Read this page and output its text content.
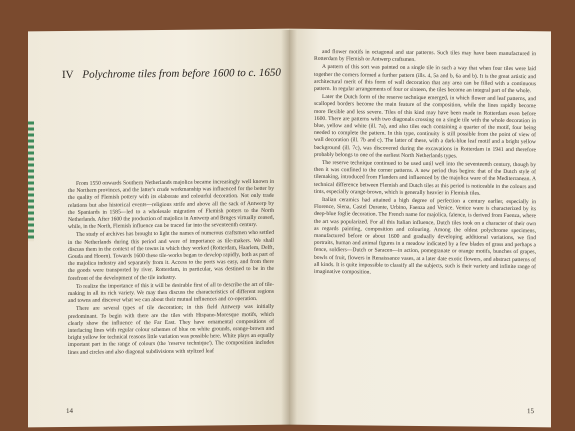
IV Polychrome tiles from before 1600 to c. 1650

From 1550 onwards Southern Netherlands majolica became increasingly well known in the Northern provinces, and the latter's crude workmanship was influenced for the better by the quality of Flemish pottery with its elaborate and colourful decoration. Not only trade relations but also historical events—religious strife and above all the sack of Antwerp by the Spaniards in 1585—led to a wholesale migration of Flemish potters to the North Netherlands. After 1600 the production of majolica in Antwerp and Bruges virtually ceased, while, in the North, Flemish influence can be traced far into the seventeenth century.

The study of archives has brought to light the names of numerous craftsmen who settled in the Netherlands during this period and were of importance as tile-makers. We shall discuss them in the context of the towns in which they worked (Rotterdam, Haarlem, Delft, Gouda and Hoorn). Towards 1600 these tile-works began to develop rapidly, both as part of the majolica industry and separately from it. Access to the ports was easy, and from there the goods were transported by river. Rotterdam, in particular, was destined to be in the forefront of the development of the tile industry.

To realize the importance of this it will be desirable first of all to describe the art of tile-making in all its rich variety. We may then discuss the characteristics of different regions and towns and discover what we can about their mutual influences and co-operation.

There are several types of tile decoration; in this field Antwerp was initially predominant. To begin with there are the tiles with Hispano-Moresque motifs, which clearly show the influence of the Far East. They have ornamental compositions of interlacing lines with regular colour schemes of blue on white grounds, orange-brown and bright yellow for technical reasons little variation was possible here. White plays an equally important part in the range of colours (the 'reserve technique'). The composition includes lines and circles and also diagonal subdivisions with stylized leaf

14

and flower motifs in octagonal and star patterns. Such tiles may have been manufactured in Rotterdam by Flemish or Antwerp craftsmen.

A pattern of this sort was painted on a single tile in such a way that when four tiles were laid together the corners formed a further pattern (ills. 4, 5a and b, 6a and b). It is the great artistic and architectural merit of this form of wall decoration that any area can be filled with a continuous pattern. In regular arrangements of four or sixteen, the tiles become an integral part of the whole.

Later the Dutch form of the reserve technique emerged, in which flower and leaf patterns, and scalloped borders become the main feature of the composition, while the lines rapidly become more flexible and less severe. Tiles of this kind may have been made in Rotterdam even before 1600. There are patterns with two diagonals crossing on a single tile with the whole decoration in blue, yellow and white (ill. 7a), and also tiles each containing a quarter of the motif, four being needed to complete the pattern. In this type, continuity is still possible from the point of view of wall decoration (ill. 7b and c). The latter of these, with a dark-blue leaf motif and a bright yellow background (ill. 7c), was discovered during the excavations in Rotterdam in 1941 and therefore probably belongs to one of the earliest North Netherlands types.

The reserve technique continued to be used until well into the seventeenth century, though by then it was confined to the corner patterns. A new period thus begins: that of the Dutch style of tilemaking, introduced from Flanders and influenced by the majolica ware of the Mediterranean. A technical difference between Flemish and Dutch tiles at this period is noticeable in the colours and tints, especially orange-brown, which is generally heavier in Flemish tiles.

Italian ceramics had attained a high degree of perfection a century earlier, especially in Florence, Siena, Castel Durante, Urbino, Faenza and Venice. Venice ware is characterized by its deep-blue foglie decoration. The French name for majolica, faïence, is derived from Faenza, where the art was popularized. For all this Italian influence, Dutch tiles took on a character of their own as regards painting, composition and colouring. Among the oldest polychrome specimens, manufactured before or about 1600 and gradually developing additional variations, we find portraits, human and animal figures in a meadow indicated by a few blades of grass and perhaps a fence, soldiers—Dutch or Saracen—in action, pomegranate or orange motifs, bunches of grapes, bowls of fruit, flowers in Renaissance vases, at a later date exotic flowers, and abstract patterns of all kinds. It is quite impossible to classify all the subjects, such is their variety and infinite range of imaginative composition.

15
